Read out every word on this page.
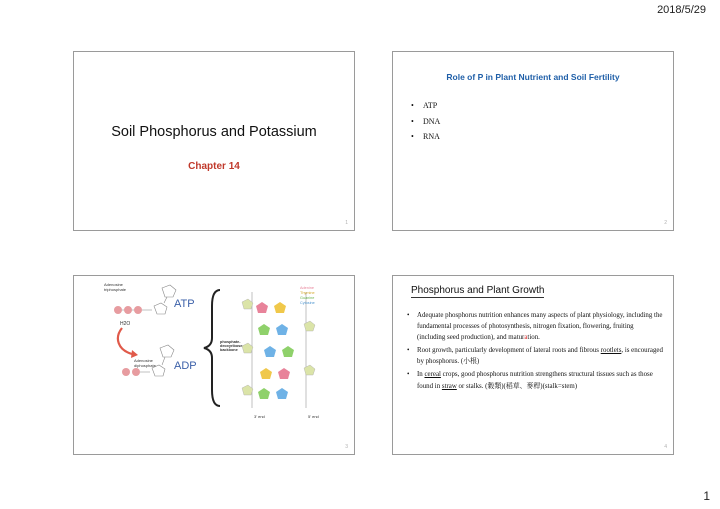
2018/5/29
Soil Phosphorus and Potassium
Chapter 14
1
Role of P in Plant Nutrient and Soil Fertility
• ATP
• DNA
• RNA
2
Adenosine triphosphate
ATP
H2O
Adenosine diphosphate	ADP
phosphate-deoxyribose backbone
3' end	5' end
Adenine
Thymine
Guanine
Cytosine
3
Phosphorus and Plant Growth
• Adequate phosphorus nutrition enhances many aspects of plant physiology, including the fundamental processes of photosynthesis, nitrogen fixation, flowering, fruiting (including seed production), and maturation.
• Root growth, particularly development of lateral roots and fibrous rootlets, is encouraged by phosphorus. (小根)
• In cereal crops, good phosphorus nutrition strengthens structural tissues such as those found in straw or stalks. (穀類)(稻草、麥稈)(stalk=stem)
4
1
